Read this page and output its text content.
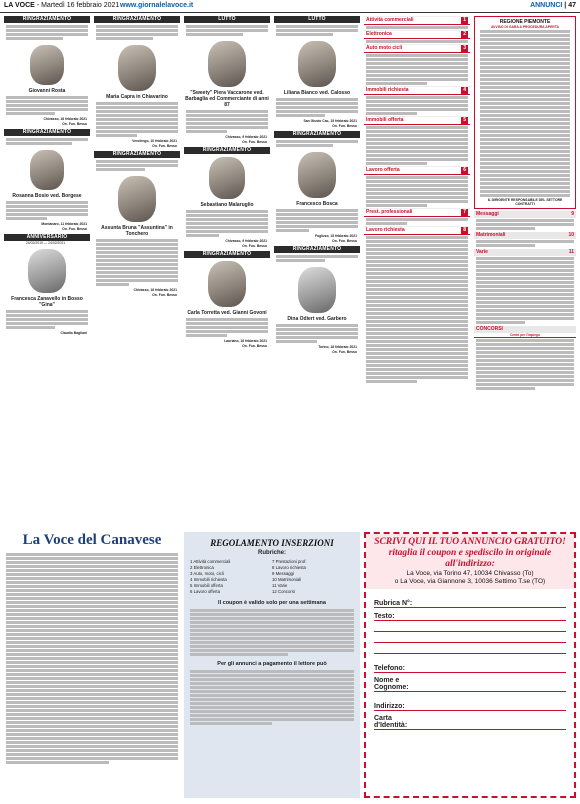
LA VOCE - Martedì 16 febbraio 2021 www.giornalelavoce.it	ANNUNCI | 47
RINGRAZIAMENTO
Giovanni Rosta
Chivasso, 16 febbraio 2021
On. Fun. Besso
RINGRAZIAMENTO
Rosanna Bosio ved. Borgese
Montanaro, 11 febbraio 2021
On. Fun. Besso
ANNIVERSARIO
24/02/2019 — 24/02/2021
Francesca Zanavello in Bosso "Gina"
Claudio Bagliani
RINGRAZIAMENTO
Maria Capra in Chiavarino
Verolengo, 10 febbraio 2021
On. Fun. Besso
RINGRAZIAMENTO
Assunta Bruna "Assuntina" in Tonchero
Chivasso, 16 febbraio 2021
On. Fun. Besso
LUTTO
"Sweety" Piera Vaccarone ved. Barbaglia ed Commerciante di anni 87
Chivasso, 9 febbraio 2021
On. Fun. Besso
RINGRAZIAMENTO
Sebastiano Malaruglio
Chivasso, 9 febbraio 2021
On. Fun. Besso
RINGRAZIAMENTO
Carla Torretta ved. Gianni Govoni
Lauriano, 16 febbraio 2021
On. Fun. Besso
LUTTO
Liliana Bianco ved. Calosso
San Giusto Cac, 15 febbraio 2021
On. Fun. Besso
RINGRAZIAMENTO
Francesco Bosca
Foglizzo, 15 febbraio 2021
On. Fun. Besso
RINGRAZIAMENTO
Dina Odiert ved. Garbero
Torino, 16 febbraio 2021
On. Fun. Besso
Attività commerciali	1
Elettronica	2
Auto moto cicli	3
Immobili richiesta	4
Immobili offerta	5
Lavoro offerta	6
Prest. professionali	7
Lavoro richiesta	8
REGIONE PIEMONTE
AVVISO DI GARA A PROCEDURA APERTA
IL DIRIGENTE RESPONSABILE DEL SETTORE CONTRATTI
Messaggi	9
Matrimoniali	10
Varie	11
CONCORSI
Centri per l'impiego
La Voce del Canavese	REGOLAMENTO INSERZIONI
Rubriche:
1 Attività commerciali	7 Prestazioni prof.
2 Elettronica	8 Lavoro richiesta
3 Auto, moto, cicli	9 Messaggi
4 Immobili richiesta	10 Matrimoniali
5 Immobili offerta	11 Varie
6 Lavoro offerta	12 Concorsi
Il coupon è valido solo per una settimana
Per gli annunci a pagamento il lettore può
SCRIVI QUI IL TUO ANNUNCIO GRATUITO!
ritaglia il coupon e spediscilo in originale
all'indirizzo:
La Voce, via Torino 47, 10034 Chivasso (To)
o La Voce, via Giannone 3, 10036 Settimo T.se (TO)
Rubrica N°:
Testo:
Telefono:
Nome e Cognome:
Indirizzo:
Carta d'Identità:
